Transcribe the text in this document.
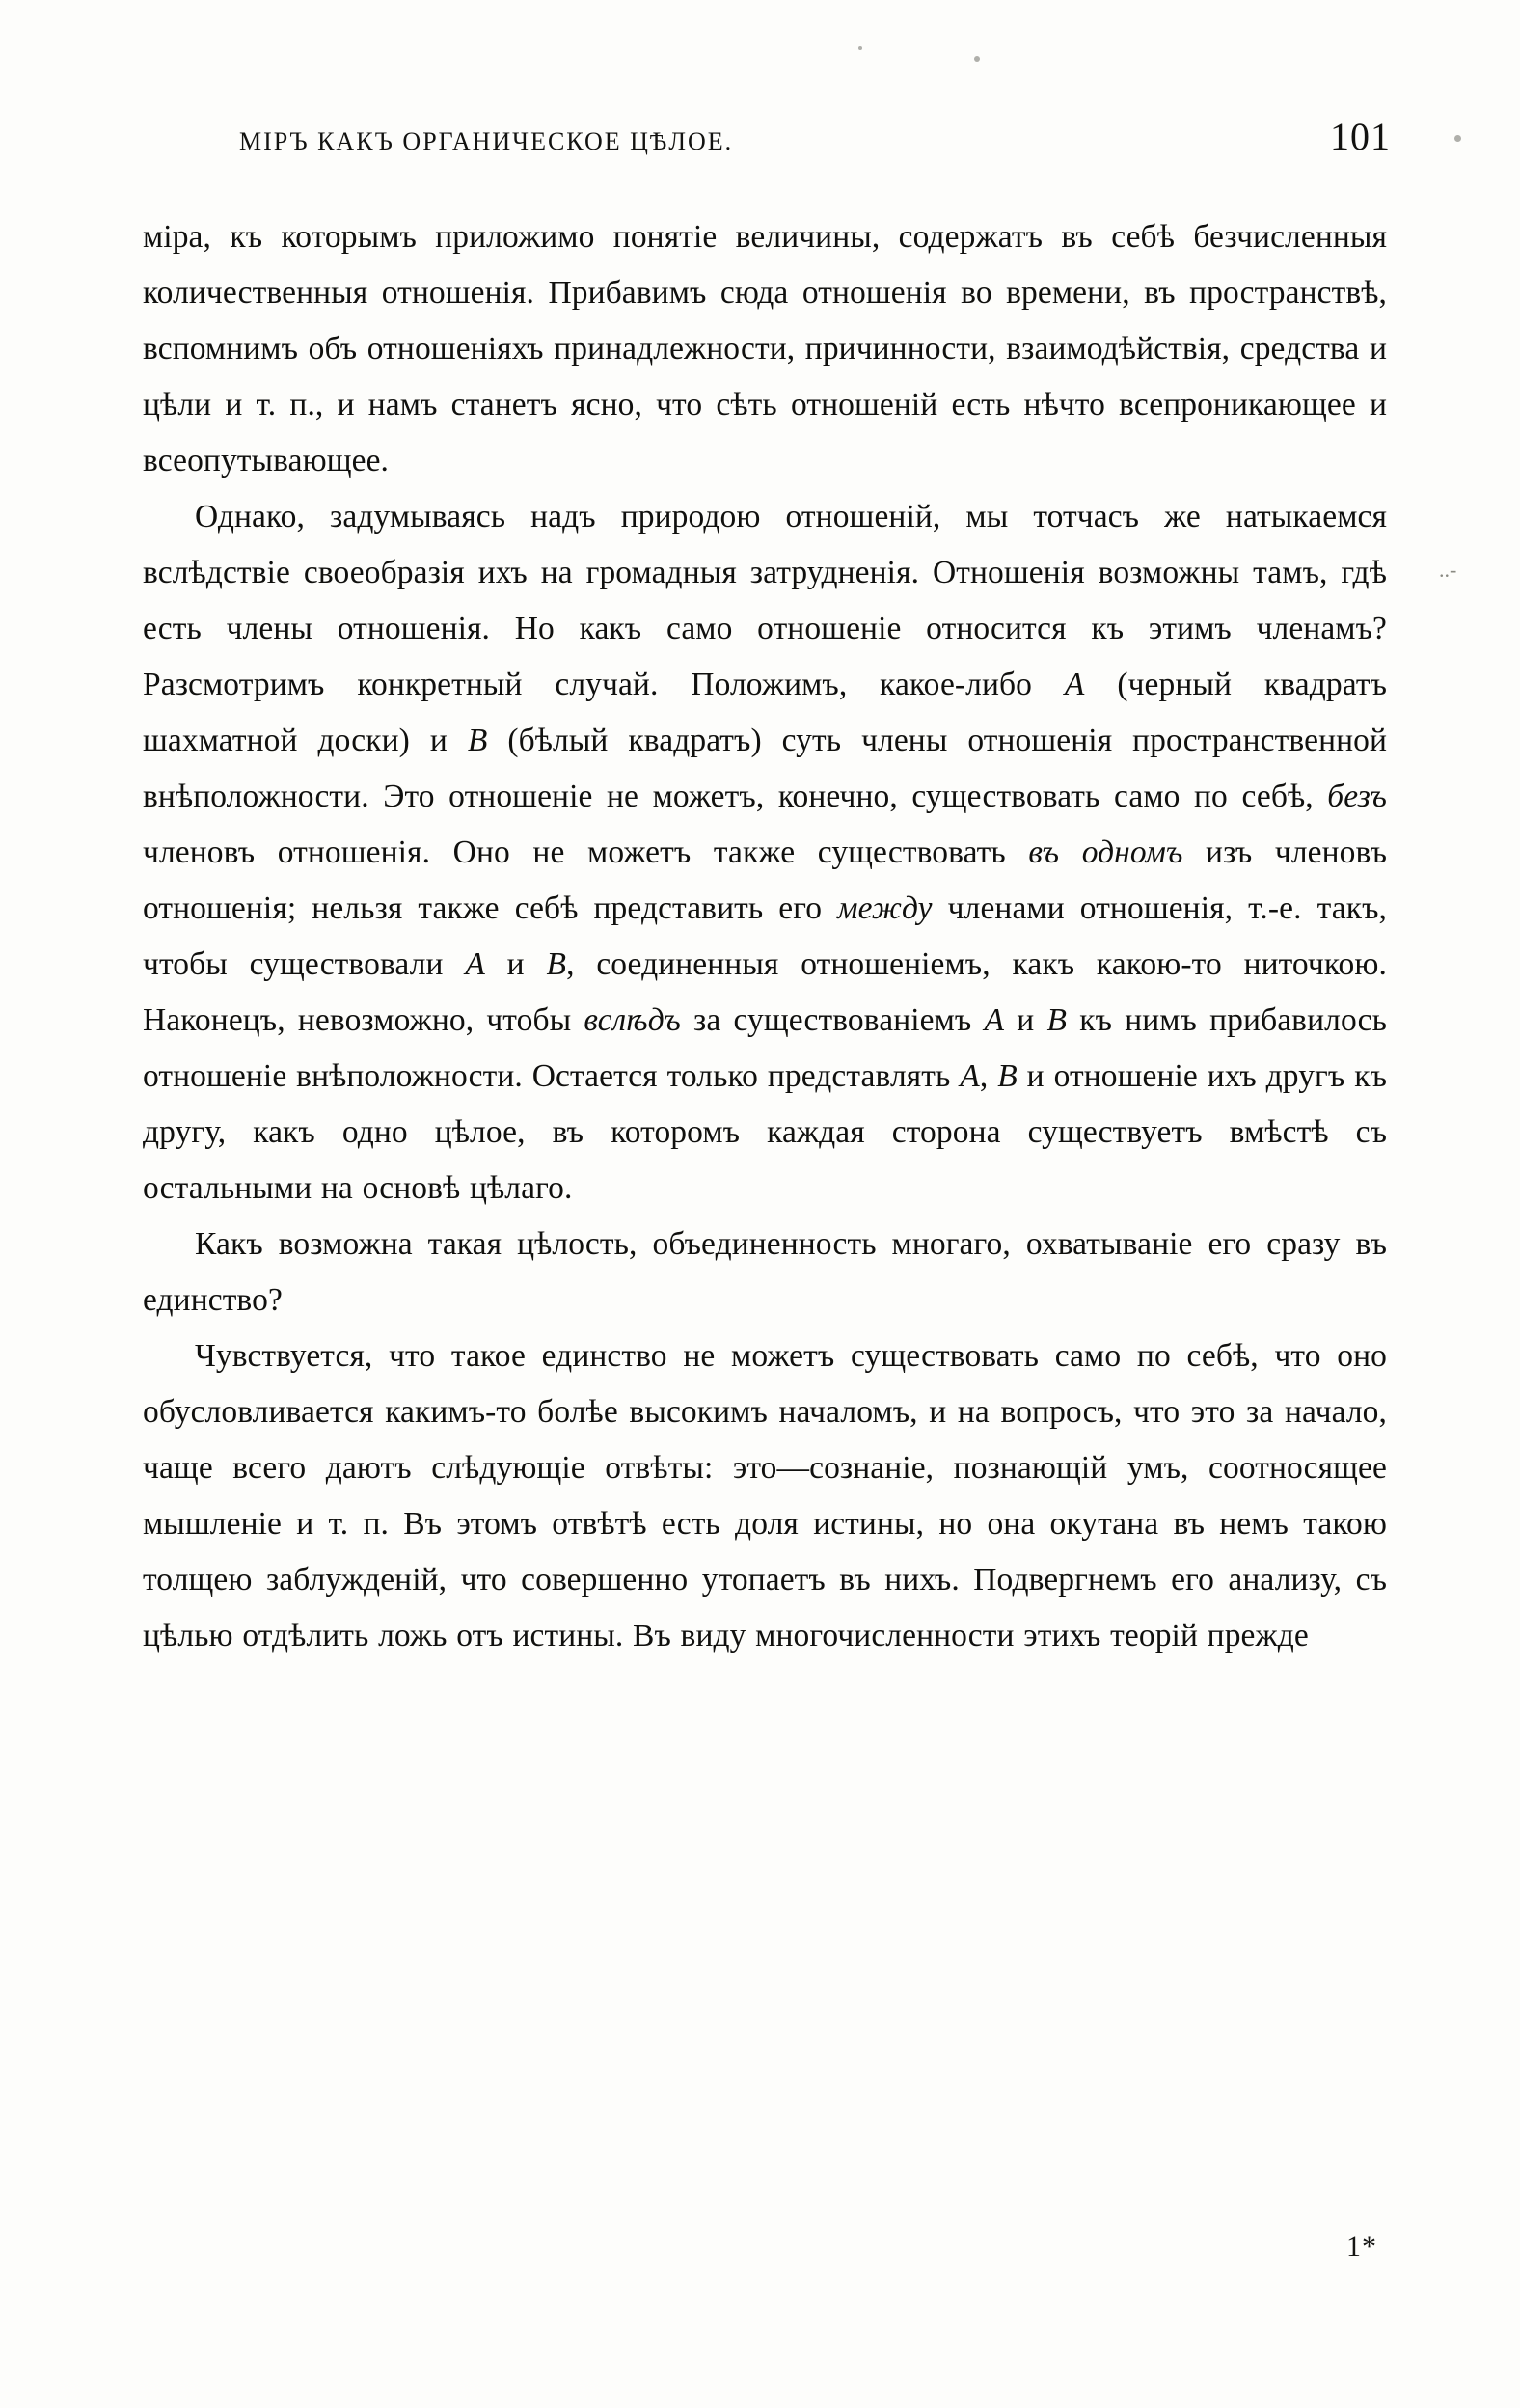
..-
МІРЪ КАКЪ ОРГАНИЧЕСКОЕ ЦѢЛОЕ.	101

міра, къ которымъ приложимо понятіе величины, содержатъ въ себѣ безчисленныя количественныя отношенія. Прибавимъ сюда отношенія во времени, въ пространствѣ, вспомнимъ объ отношеніяхъ принадлежности, причинности, взаимодѣйствія, средства и цѣли и т. п., и намъ станетъ ясно, что сѣть отношеній есть нѣчто всепроникающее и всеопутывающее.

Однако, задумываясь надъ природою отношеній, мы тотчасъ же натыкаемся вслѣдствіе своеобразія ихъ на громадныя затрудненія. Отношенія возможны тамъ, гдѣ есть члены отношенія. Но какъ само отношеніе относится къ этимъ членамъ? Разсмотримъ конкретный случай. Положимъ, какое-либо A (черный квадратъ шахматной доски) и B (бѣлый квадратъ) суть члены отношенія пространственной внѣположности. Это отношеніе не можетъ, конечно, существовать само по себѣ, безъ членовъ отношенія. Оно не можетъ также существовать въ одномъ изъ членовъ отношенія; нельзя также себѣ представить его между членами отношенія, т.-е. такъ, чтобы существовали A и B, соединенныя отношеніемъ, какъ какою-то ниточкою. Наконецъ, невозможно, чтобы вслѣдъ за существованіемъ A и B къ нимъ прибавилось отношеніе внѣположности. Остается только представлять A, B и отношеніе ихъ другъ къ другу, какъ одно цѣлое, въ которомъ каждая сторона существуетъ вмѣстѣ съ остальными на основѣ цѣлаго.

Какъ возможна такая цѣлость, объединенность многаго, охватываніе его сразу въ единство?

Чувствуется, что такое единство не можетъ существовать само по себѣ, что оно обусловливается какимъ-то болѣе высокимъ началомъ, и на вопросъ, что это за начало, чаще всего даютъ слѣдующіе отвѣты: это—сознаніе, познающій умъ, соотносящее мышленіе и т. п. Въ этомъ отвѣтѣ есть доля истины, но она окутана въ немъ такою толщею заблужденій, что совершенно утопаетъ въ нихъ. Подвергнемъ его анализу, съ цѣлью отдѣлить ложь отъ истины. Въ виду многочисленности этихъ теорій прежде

1*
